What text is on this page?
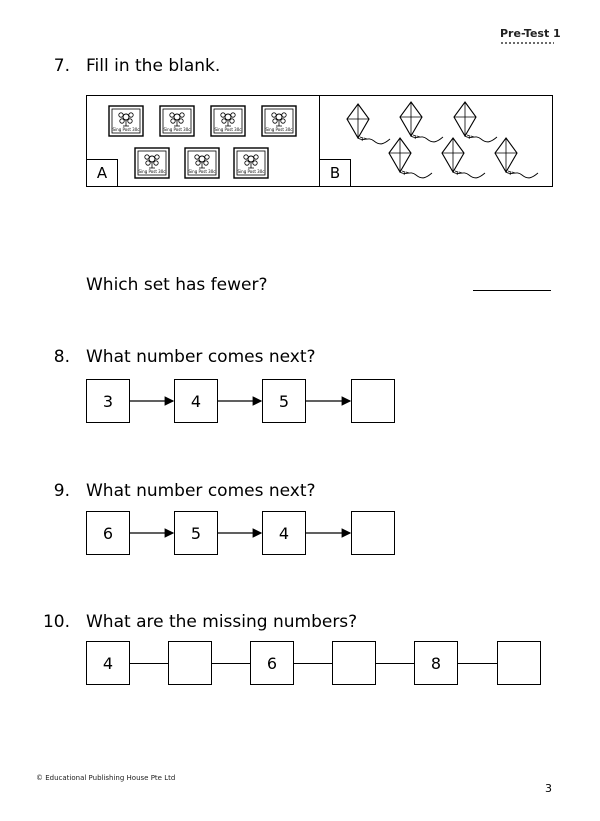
Pre-Test 1
7. Fill in the blank.
Sing Post 30c	Sing Post 30c	Sing Post 30c	Sing Post 30c
Sing Post 30c	Sing Post 30c	Sing Post 30c
A	B
Which set has fewer?
8. What number comes next?
3	4	5
9. What number comes next?
6	5	4
10. What are the missing numbers?
4	6	8
© Educational Publishing House Pte Ltd
3
